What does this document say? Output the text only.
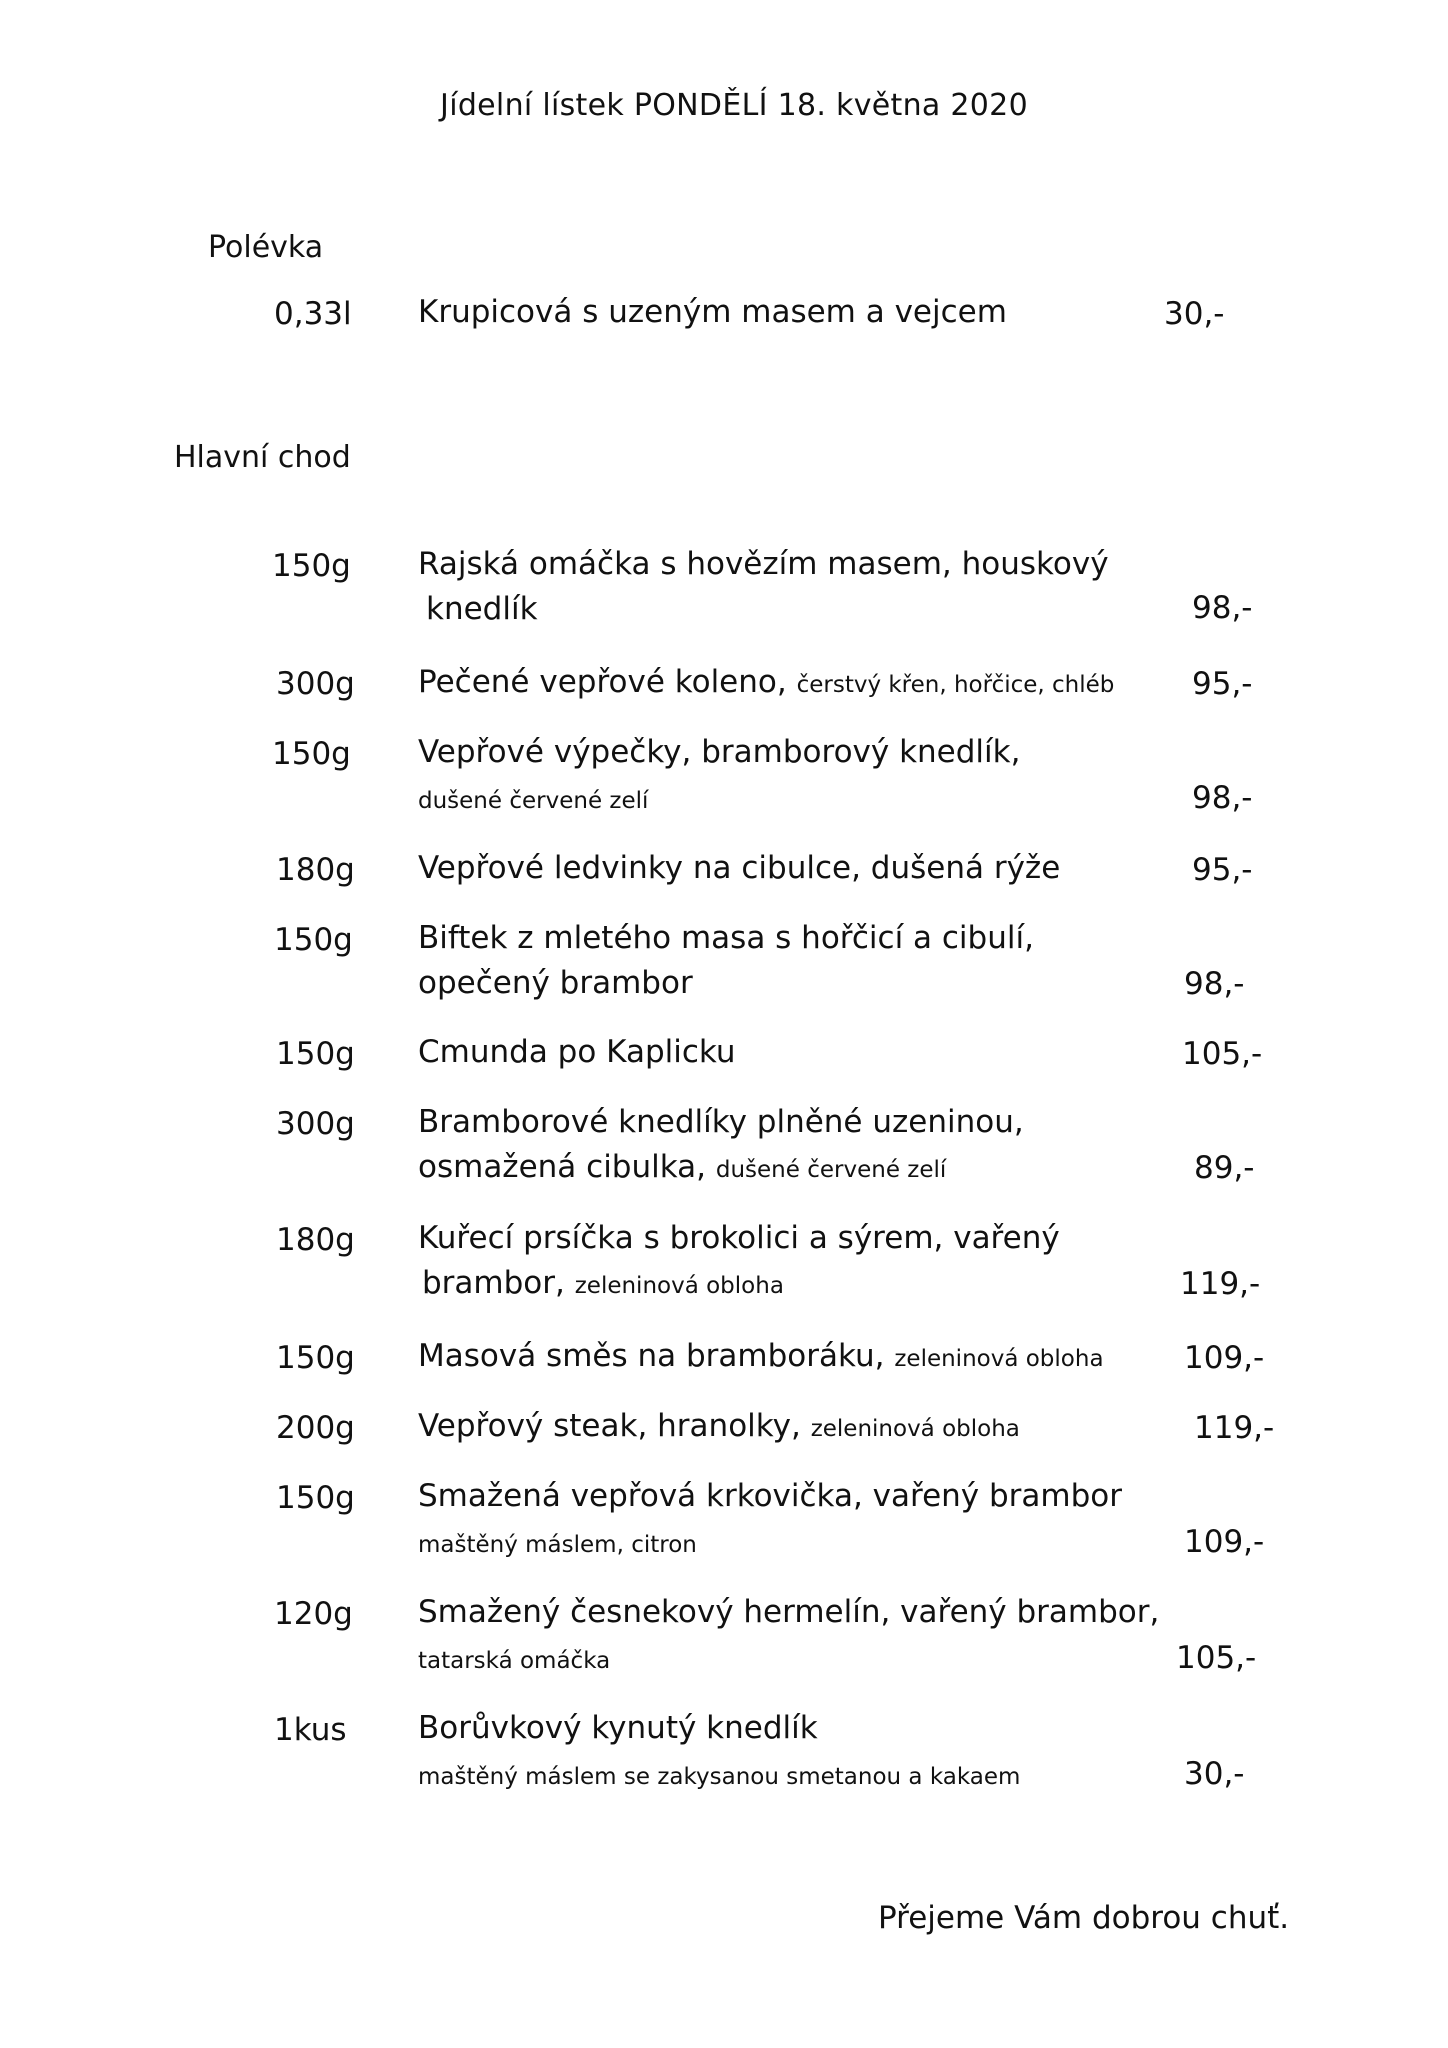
Jídelní lístek PONDĚLÍ 18. května 2020
Polévka
0,33l Krupicová s uzeným masem a vejcem	30,-
Hlavní chod
150g Rajská omáčka s hovězím masem, houskový
knedlík	98,-
300g Pečené vepřové koleno, čerstvý křen, hořčice, chléb	95,-
150g Vepřové výpečky, bramborový knedlík,
dušené červené zelí	98,-
180g Vepřové ledvinky na cibulce, dušená rýže	95,-
150g Biftek z mletého masa s hořčicí a cibulí,
opečený brambor	98,-
150g Cmunda po Kaplicku	105,-
300g Bramborové knedlíky plněné uzeninou,
osmažená cibulka, dušené červené zelí	89,-
180g Kuřecí prsíčka s brokolici a sýrem, vařený
brambor, zeleninová obloha	119,-
150g Masová směs na bramboráku, zeleninová obloha	109,-
200g Vepřový steak, hranolky, zeleninová obloha	119,-
150g Smažená vepřová krkovička, vařený brambor
maštěný máslem, citron	109,-
120g Smažený česnekový hermelín, vařený brambor,
tatarská omáčka	105,-
1kus Borůvkový kynutý knedlík
maštěný máslem se zakysanou smetanou a kakaem	30,-
Přejeme Vám dobrou chuť.
